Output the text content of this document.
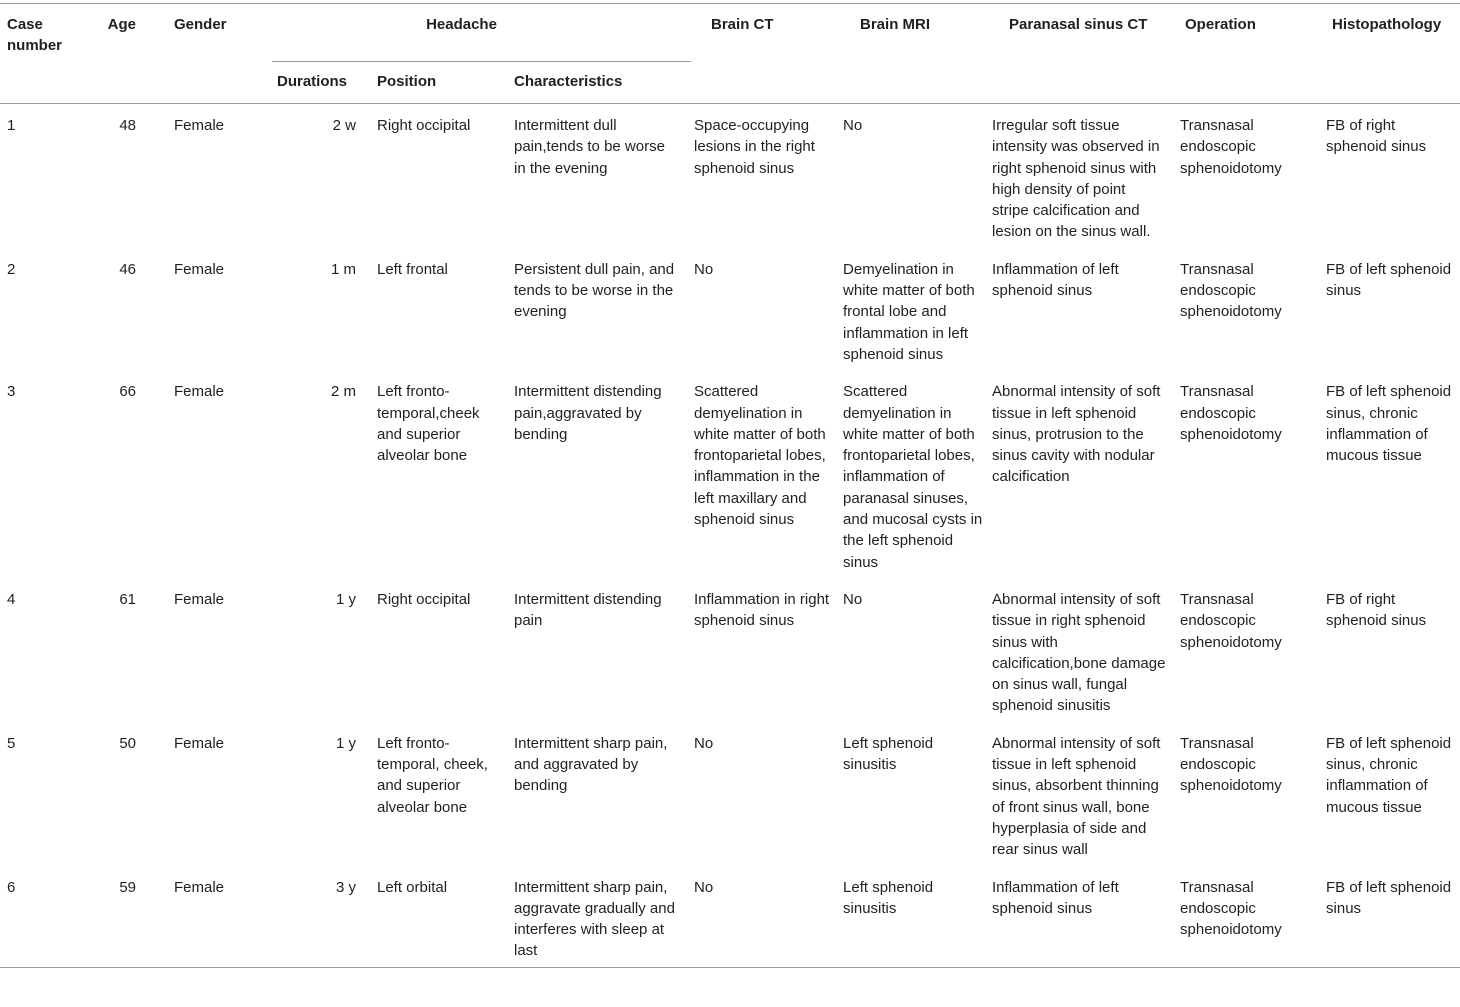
Case number	Age	Gender	Headache			Brain CT	Brain MRI	Paranasal sinus CT	Operation	Histopathology
			Durations	Position	Characteristics					
1	48	Female	2 w	Right occipital	Intermittent dull pain,tends to be worse in the evening	Space-occupying lesions in the right sphenoid sinus	No	Irregular soft tissue intensity was observed in right sphenoid sinus with high density of point stripe calcification and lesion on the sinus wall.	Transnasal endoscopic sphenoidotomy	FB of right sphenoid sinus
2	46	Female	1 m	Left frontal	Persistent dull pain, and tends to be worse in the evening	No	Demyelination in white matter of both frontal lobe and inflammation in left sphenoid sinus	Inflammation of left sphenoid sinus	Transnasal endoscopic sphenoidotomy	FB of left sphenoid sinus
3	66	Female	2 m	Left fronto-temporal,cheek and superior alveolar bone	Intermittent distending pain,aggravated by bending	Scattered demyelination in white matter of both frontoparietal lobes, inflammation in the left maxillary and sphenoid sinus	Scattered demyelination in white matter of both frontoparietal lobes, inflammation of paranasal sinuses, and mucosal cysts in the left sphenoid sinus	Abnormal intensity of soft tissue in left sphenoid sinus, protrusion to the sinus cavity with nodular calcification	Transnasal endoscopic sphenoidotomy	FB of left sphenoid sinus, chronic inflammation of mucous tissue
4	61	Female	1 y	Right occipital	Intermittent distending pain	Inflammation in right sphenoid sinus	No	Abnormal intensity of soft tissue in right sphenoid sinus with calcification,bone damage on sinus wall, fungal sphenoid sinusitis	Transnasal endoscopic sphenoidotomy	FB of right sphenoid sinus
5	50	Female	1 y	Left fronto-temporal, cheek, and superior alveolar bone	Intermittent sharp pain, and aggravated by bending	No	Left sphenoid sinusitis	Abnormal intensity of soft tissue in left sphenoid sinus, absorbent thinning of front sinus wall, bone hyperplasia of side and rear sinus wall	Transnasal endoscopic sphenoidotomy	FB of left sphenoid sinus, chronic inflammation of mucous tissue
6	59	Female	3 y	Left orbital	Intermittent sharp pain, aggravate gradually and interferes with sleep at last	No	Left sphenoid sinusitis	Inflammation of left sphenoid sinus	Transnasal endoscopic sphenoidotomy	FB of left sphenoid sinus
